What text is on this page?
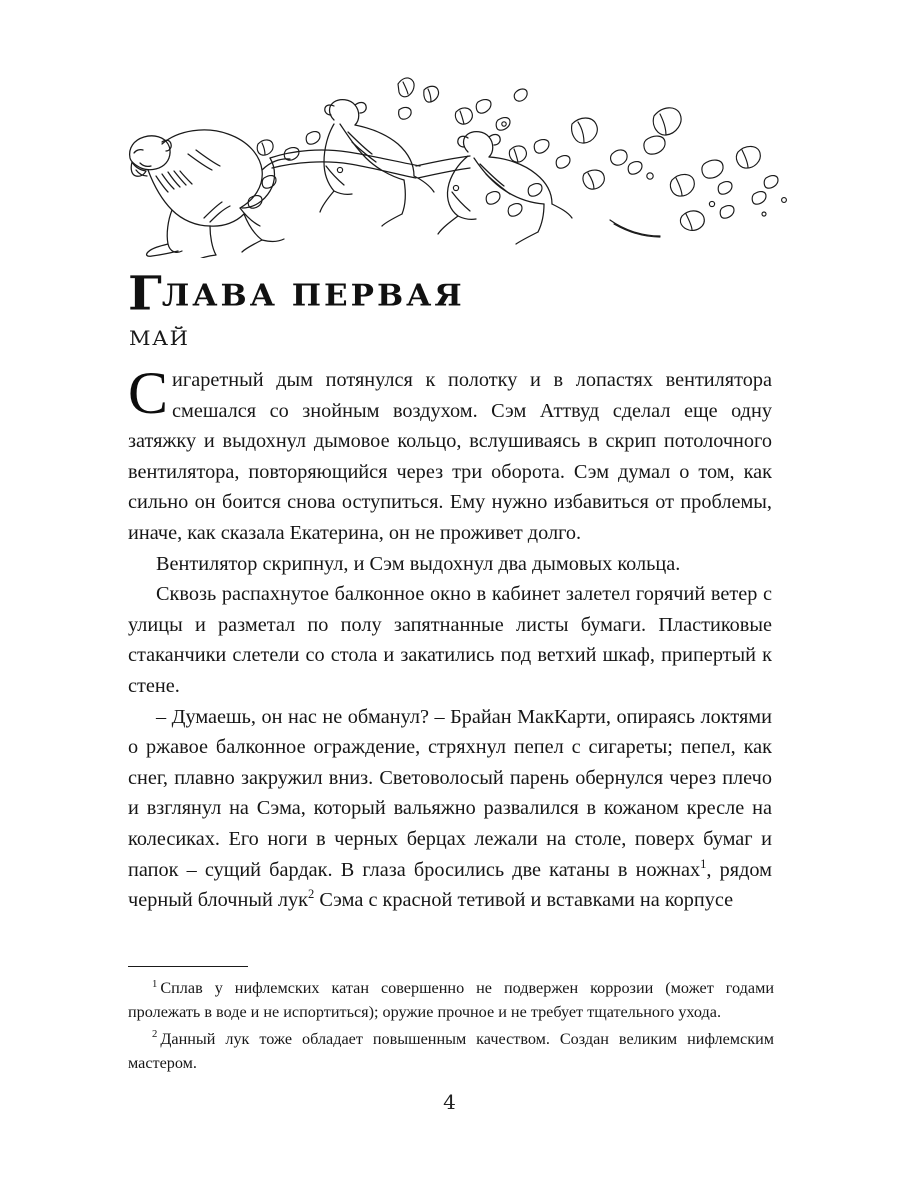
ГЛАВА ПЕРВАЯ
МАЙ

Сигаретный дым потянулся к полотку и в лопастях вентилятора смешался со знойным воздухом. Сэм Аттвуд сделал еще одну затяжку и выдохнул дымовое кольцо, вслушиваясь в скрип потолочного вентилятора, повторяющийся через три оборота. Сэм думал о том, как сильно он боится снова оступиться. Ему нужно избавиться от проблемы, иначе, как сказала Екатерина, он не проживет долго.

Вентилятор скрипнул, и Сэм выдохнул два дымовых кольца.

Сквозь распахнутое балконное окно в кабинет залетел горячий ветер с улицы и разметал по полу запятнанные листы бумаги. Пластиковые стаканчики слетели со стола и закатились под ветхий шкаф, припертый к стене.

– Думаешь, он нас не обманул? – Брайан МакКарти, опираясь локтями о ржавое балконное ограждение, стряхнул пепел с сигареты; пепел, как снег, плавно закружил вниз. Световолосый парень обернулся через плечо и взглянул на Сэма, который вальяжно развалился в кожаном кресле на колесиках. Его ноги в черных берцах лежали на столе, поверх бумаг и папок – сущий бардак. В глаза бросились две катаны в ножнах$^1$, рядом черный блочный лук$^2$ Сэма с красной тетивой и вставками на корпусе

$^1$ Сплав у нифлемских катан совершенно не подвержен коррозии (может годами пролежать в воде и не испортиться); оружие прочное и не требует тщательного ухода.

$^2$ Данный лук тоже обладает повышенным качеством. Создан великим нифлемским мастером.

4
